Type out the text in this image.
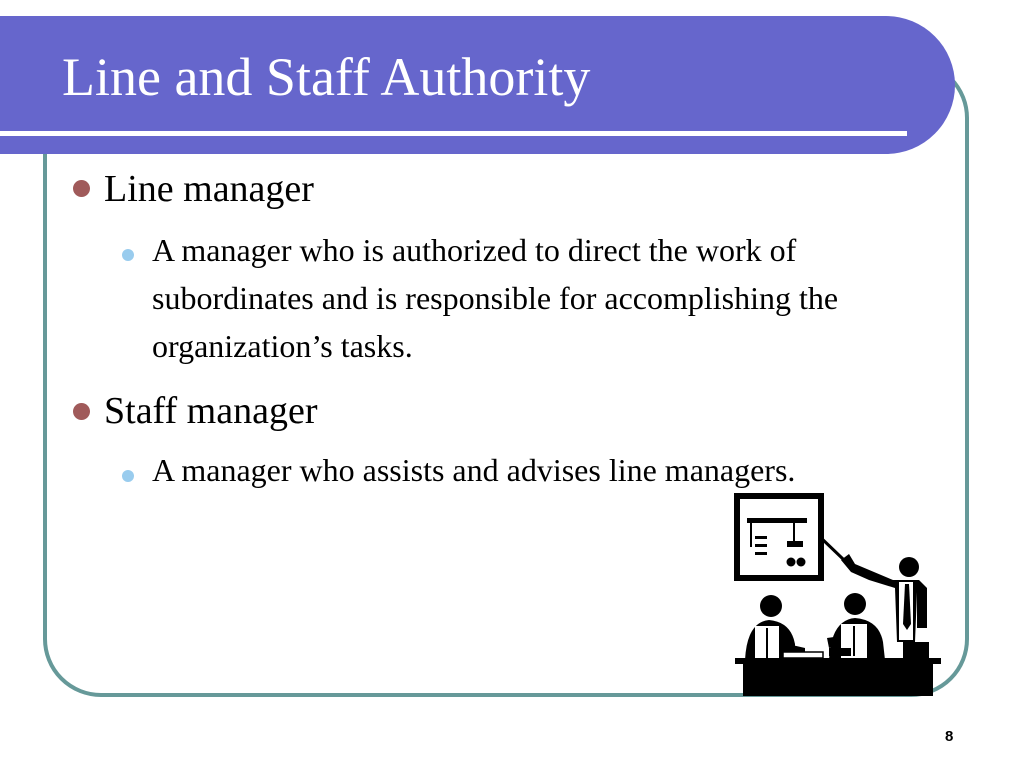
Line and Staff Authority
Line manager
A manager who is authorized to direct the work of subordinates and is responsible for accomplishing the organization’s tasks.
Staff manager
A manager who assists and advises line managers.
8
